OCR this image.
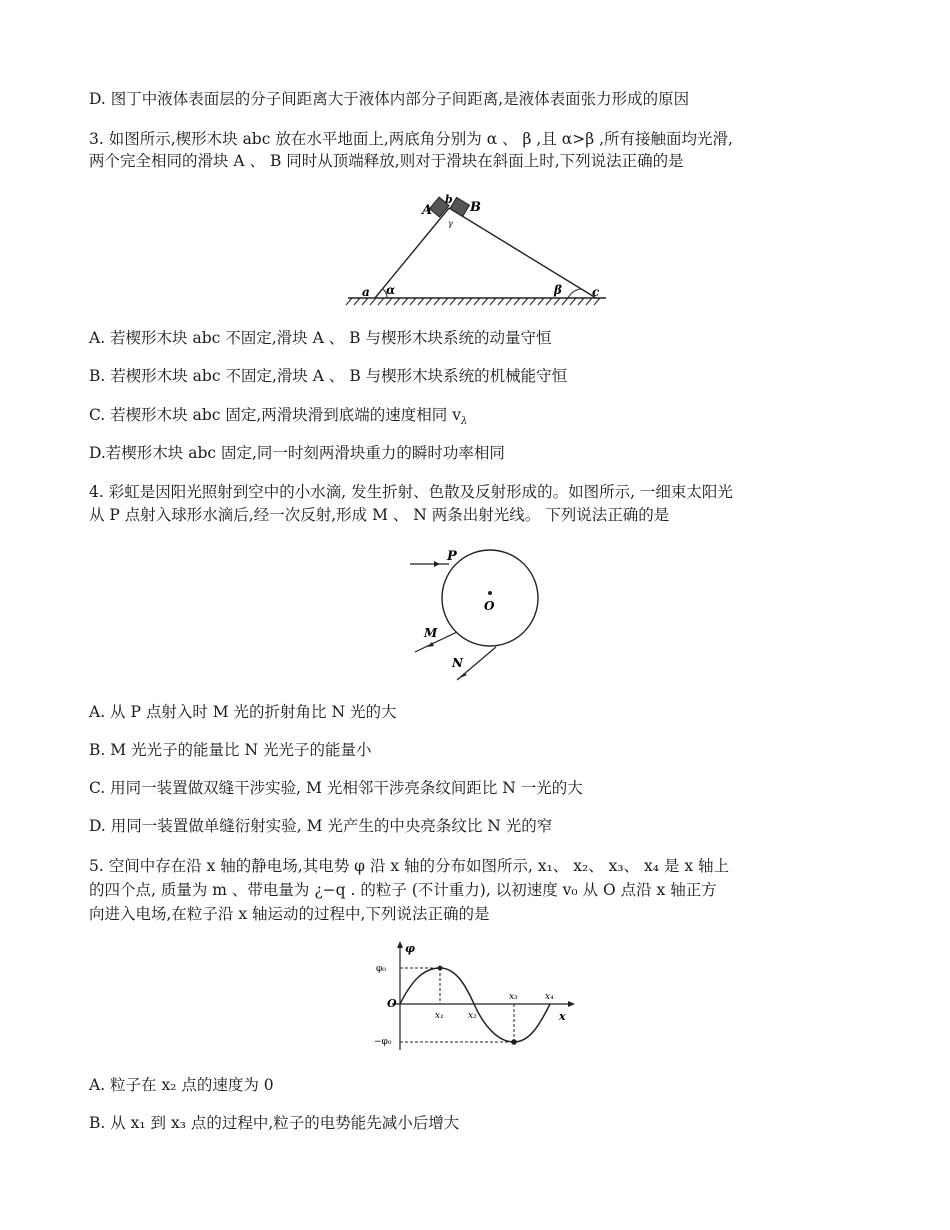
D. 图丁中液体表面层的分子间距离大于液体内部分子间距离,是液体表面张力形成的原因
3. 如图所示,楔形木块 abc 放在水平地面上,两底角分别为 α 、 β ,且 α>β ,所有接触面均光滑,
两个完全相同的滑块 A 、 B 同时从顶端释放,则对于滑块在斜面上时,下列说法正确的是
A	B
b
γ
a α	β	c
A. 若楔形木块 abc 不固定,滑块 A 、 B 与楔形木块系统的动量守恒
B. 若楔形木块 abc 不固定,滑块 A 、 B 与楔形木块系统的机械能守恒
C. 若楔形木块 abc 固定,两滑块滑到底端的速度相同 $v_\lambda$
D.若楔形木块 abc 固定,同一时刻两滑块重力的瞬时功率相同
4. 彩虹是因阳光照射到空中的小水滴, 发生折射、色散及反射形成的。如图所示, 一细束太阳光
从 P 点射入球形水滴后,经一次反射,形成 M 、 N 两条出射光线。 下列说法正确的是
P
O
M
N
A. 从 P 点射入时 M 光的折射角比 N 光的大
B. M 光光子的能量比 N 光光子的能量小
C. 用同一装置做双缝干涉实验, M 光相邻干涉亮条纹间距比 N 一光的大
D. 用同一装置做单缝衍射实验, M 光产生的中央亮条纹比 N 光的窄
5. 空间中存在沿 x 轴的静电场,其电势 φ 沿 x 轴的分布如图所示, x₁、 x₂、 x₃、 x₄ 是 x 轴上
的四个点, 质量为 m 、带电量为 ¿−q . 的粒子 (不计重力), 以初速度 v₀ 从 O 点沿 x 轴正方
向进入电场,在粒子沿 x 轴运动的过程中,下列说法正确的是
φ
x
O
φ₀
−φ₀
x₁	x₂
x₃	x₄
A. 粒子在 x₂ 点的速度为 0
B. 从 x₁ 到 x₃ 点的过程中,粒子的电势能先减小后增大
